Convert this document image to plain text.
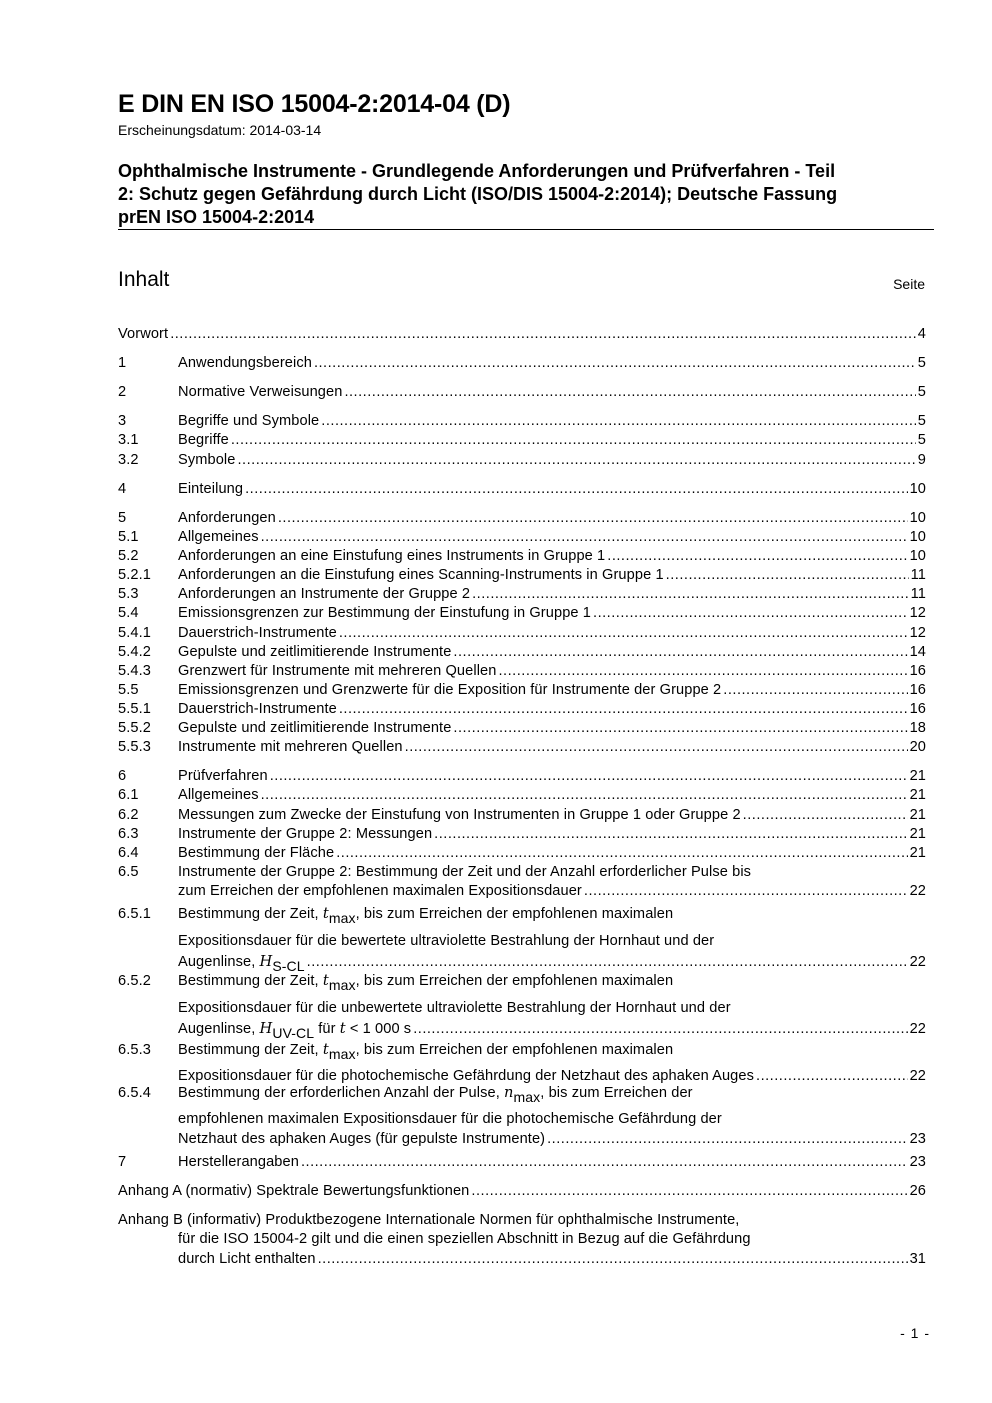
E DIN EN ISO 15004-2:2014-04 (D)
Erscheinungsdatum: 2014-03-14
Ophthalmische Instrumente - Grundlegende Anforderungen und Prüfverfahren - Teil
2: Schutz gegen Gefährdung durch Licht (ISO/DIS 15004-2:2014); Deutsche Fassung
prEN ISO 15004-2:2014
Inhalt	Seite
Vorwort .....	4
1	Anwendungsbereich .....	5
2	Normative Verweisungen .....	5
3	Begriffe und Symbole .....	5
3.1	Begriffe .....	5
3.2	Symbole .....	9
4	Einteilung .....	10
5	Anforderungen .....	10
5.1	Allgemeines .....	10
5.2	Anforderungen an eine Einstufung eines Instruments in Gruppe 1 .....	10
5.2.1	Anforderungen an die Einstufung eines Scanning-Instruments in Gruppe 1 .....	11
5.3	Anforderungen an Instrumente der Gruppe 2 .....	11
5.4	Emissionsgrenzen zur Bestimmung der Einstufung in Gruppe 1 .....	12
5.4.1	Dauerstrich-Instrumente .....	12
5.4.2	Gepulste und zeitlimitierende Instrumente .....	14
5.4.3	Grenzwert für Instrumente mit mehreren Quellen .....	16
5.5	Emissionsgrenzen und Grenzwerte für die Exposition für Instrumente der Gruppe 2 .....	16
5.5.1	Dauerstrich-Instrumente .....	16
5.5.2	Gepulste und zeitlimitierende Instrumente .....	18
5.5.3	Instrumente mit mehreren Quellen .....	20
6	Prüfverfahren .....	21
6.1	Allgemeines .....	21
6.2	Messungen zum Zwecke der Einstufung von Instrumenten in Gruppe 1 oder Gruppe 2 .....	21
6.3	Instrumente der Gruppe 2: Messungen .....	21
6.4	Bestimmung der Fläche .....	21
6.5	Instrumente der Gruppe 2: Bestimmung der Zeit und der Anzahl erforderlicher Pulse bis
zum Erreichen der empfohlenen maximalen Expositionsdauer .....	22
6.5.1	Bestimmung der Zeit, $t_{max}$, bis zum Erreichen der empfohlenen maximalen
Expositionsdauer für die bewertete ultraviolette Bestrahlung der Hornhaut und der
Augenlinse, $H_{S-CL}$ .....	22
6.5.2	Bestimmung der Zeit, $t_{max}$, bis zum Erreichen der empfohlenen maximalen
Expositionsdauer für die unbewertete ultraviolette Bestrahlung der Hornhaut und der
Augenlinse, $H_{UV-CL}$ für t < 1 000 s .....	22
6.5.3	Bestimmung der Zeit, $t_{max}$, bis zum Erreichen der empfohlenen maximalen
Expositionsdauer für die photochemische Gefährdung der Netzhaut des aphaken Auges .....	22
6.5.4	Bestimmung der erforderlichen Anzahl der Pulse, $n_{max}$, bis zum Erreichen der
empfohlenen maximalen Expositionsdauer für die photochemische Gefährdung der
Netzhaut des aphaken Auges (für gepulste Instrumente) .....	23
7	Herstellerangaben .....	23
Anhang A (normativ) Spektrale Bewertungsfunktionen .....	26
Anhang B (informativ) Produktbezogene Internationale Normen für ophthalmische Instrumente,
für die ISO 15004-2 gilt und die einen speziellen Abschnitt in Bezug auf die Gefährdung
durch Licht enthalten .....	31
- 1 -
